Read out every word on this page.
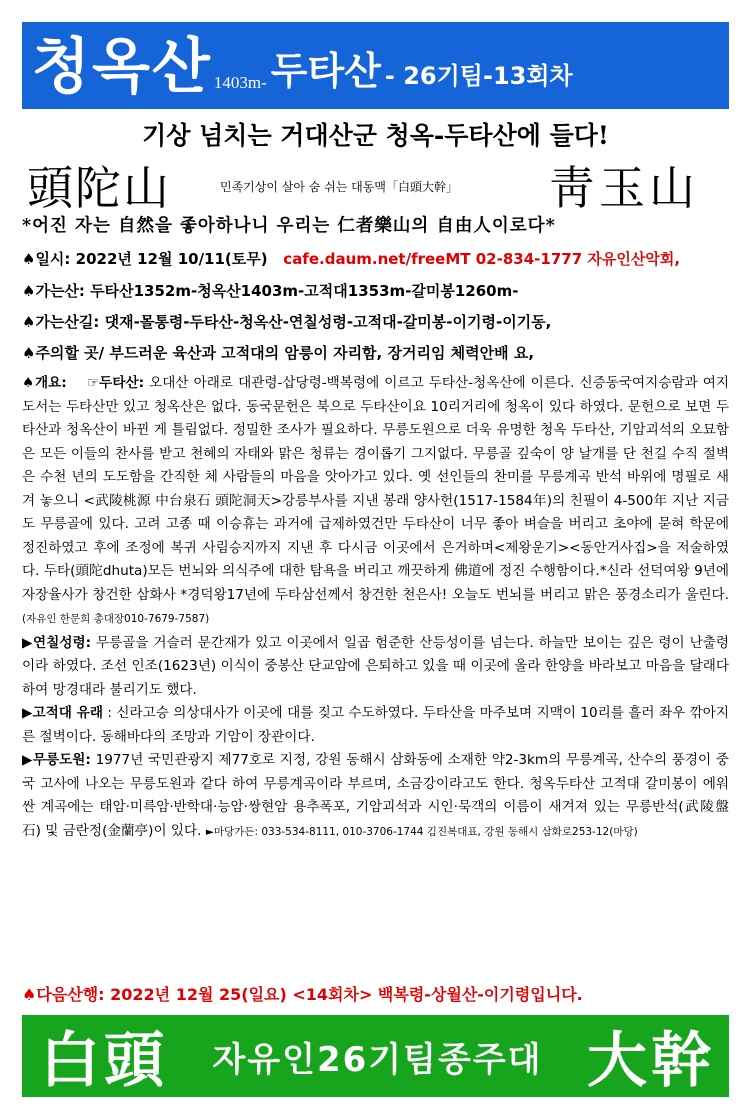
청옥산 1403m- 두타산 - 26기팀-13회차
기상 넘치는 거대산군 청옥-두타산에 들다!
頭陀山	민족기상이 살아 숨 쉬는 대동맥「白頭大幹」 靑玉山
*어진 자는 自然을 좋아하나니 우리는 仁者樂山의 自由人이로다*
♠일시: 2022년 12월 10/11(토무) cafe.daum.net/freeMT 02-834-1777 자유인산악회,
♠가는산: 두타산1352m-청옥산1403m-고적대1353m-갈미봉1260m-
♠가는산길: 댓재-몰통령-두타산-청옥산-연칠성령-고적대-갈미봉-이기령-이기동,
♠주의할 곳/ 부드러운 육산과 고적대의 암릉이 자리함, 장거리임 체력안배 요,

♠개요: ☞두타산: 오대산 아래로 대관령-삽당령-백복령에 이르고 두타산-청옥산에 이른다. 신증동국여지승람과 여지도서는 두타산만 있고 청옥산은 없다. 동국문헌은 북으로 두타산이요 10리거리에 청옥이 있다 하였다. 문헌으로 보면 두타산과 청옥산이 바뀐 게 틀림없다. 정밀한 조사가 필요하다. 무릉도원으로 더욱 유명한 청옥 두타산, 기암괴석의 오묘함은 모든 이들의 찬사를 받고 천혜의 자태와 맑은 청류는 경이롭기 그지없다. 무릉골 깊숙이 양 날개를 단 천길 수직 절벽은 수천 년의 도도함을 간직한 체 사람들의 마음을 앗아가고 있다. 옛 선인들의 찬미를 무릉계곡 반석 바위에 명필로 새겨 놓으니 <武陵桃源 中台泉石 頭陀洞天>강릉부사를 지낸 봉래 양사헌(1517-1584年)의 친필이 4-500年 지난 지금도 무릉골에 있다. 고려 고종 때 이승휴는 과거에 급제하였건만 두타산이 너무 좋아 벼슬을 버리고 초야에 묻혀 학문에 정진하였고 후에 조정에 복귀 사림승지까지 지낸 후 다시금 이곳에서 은거하며<제왕운기><동안거사집>을 저술하였다. 두타(頭陀dhuta)모든 번뇌와 의식주에 대한 탐욕을 버리고 깨끗하게 佛道에 정진 수행함이다.*신라 선덕여왕 9년에 자장율사가 창건한 삼화사 *경덕왕17년에 두타삼선께서 창건한 천은사! 오늘도 번뇌를 버리고 맑은 풍경소리가 울린다. (자유인 한문희 총대장010-7679-7587)

▶연칠성령: 무릉골을 거슬러 문간재가 있고 이곳에서 일곱 험준한 산등성이를 넘는다. 하늘만 보이는 깊은 령이 난출령이라 하였다. 조선 인조(1623년) 이식이 중봉산 단교암에 은퇴하고 있을 때 이곳에 올라 한양을 바라보고 마음을 달래다하여 망경대라 불리기도 했다.

▶고적대 유래 : 신라고승 의상대사가 이곳에 대를 짖고 수도하였다. 두타산을 마주보며 지맥이 10리를 흘러 좌우 깎아지른 절벽이다. 동해바다의 조망과 기암이 장관이다.

▶무릉도원: 1977년 국민관광지 제77호로 지정, 강원 동해시 삼화동에 소재한 약2-3km의 무릉계곡, 산수의 풍경이 중국 고사에 나오는 무릉도원과 같다 하여 무릉계곡이라 부르며, 소금강이라고도 한다. 청옥두타산 고적대 갈미봉이 에워싼 계곡에는 태암·미륵암·반학대·능암·쌍현암 용추폭포, 기암괴석과 시인·묵객의 이름이 새겨져 있는 무릉반석(武陵盤石) 및 금란정(金蘭亭)이 있다. ►마당가든: 033-534-8111, 010-3706-1744 김진복대표, 강원 동해시 삼화로253-12(마당)

♠다음산행: 2022년 12월 25(일요) <14회차> 백복령-상월산-이기령입니다.
白頭 자유인26기팀종주대 大幹
